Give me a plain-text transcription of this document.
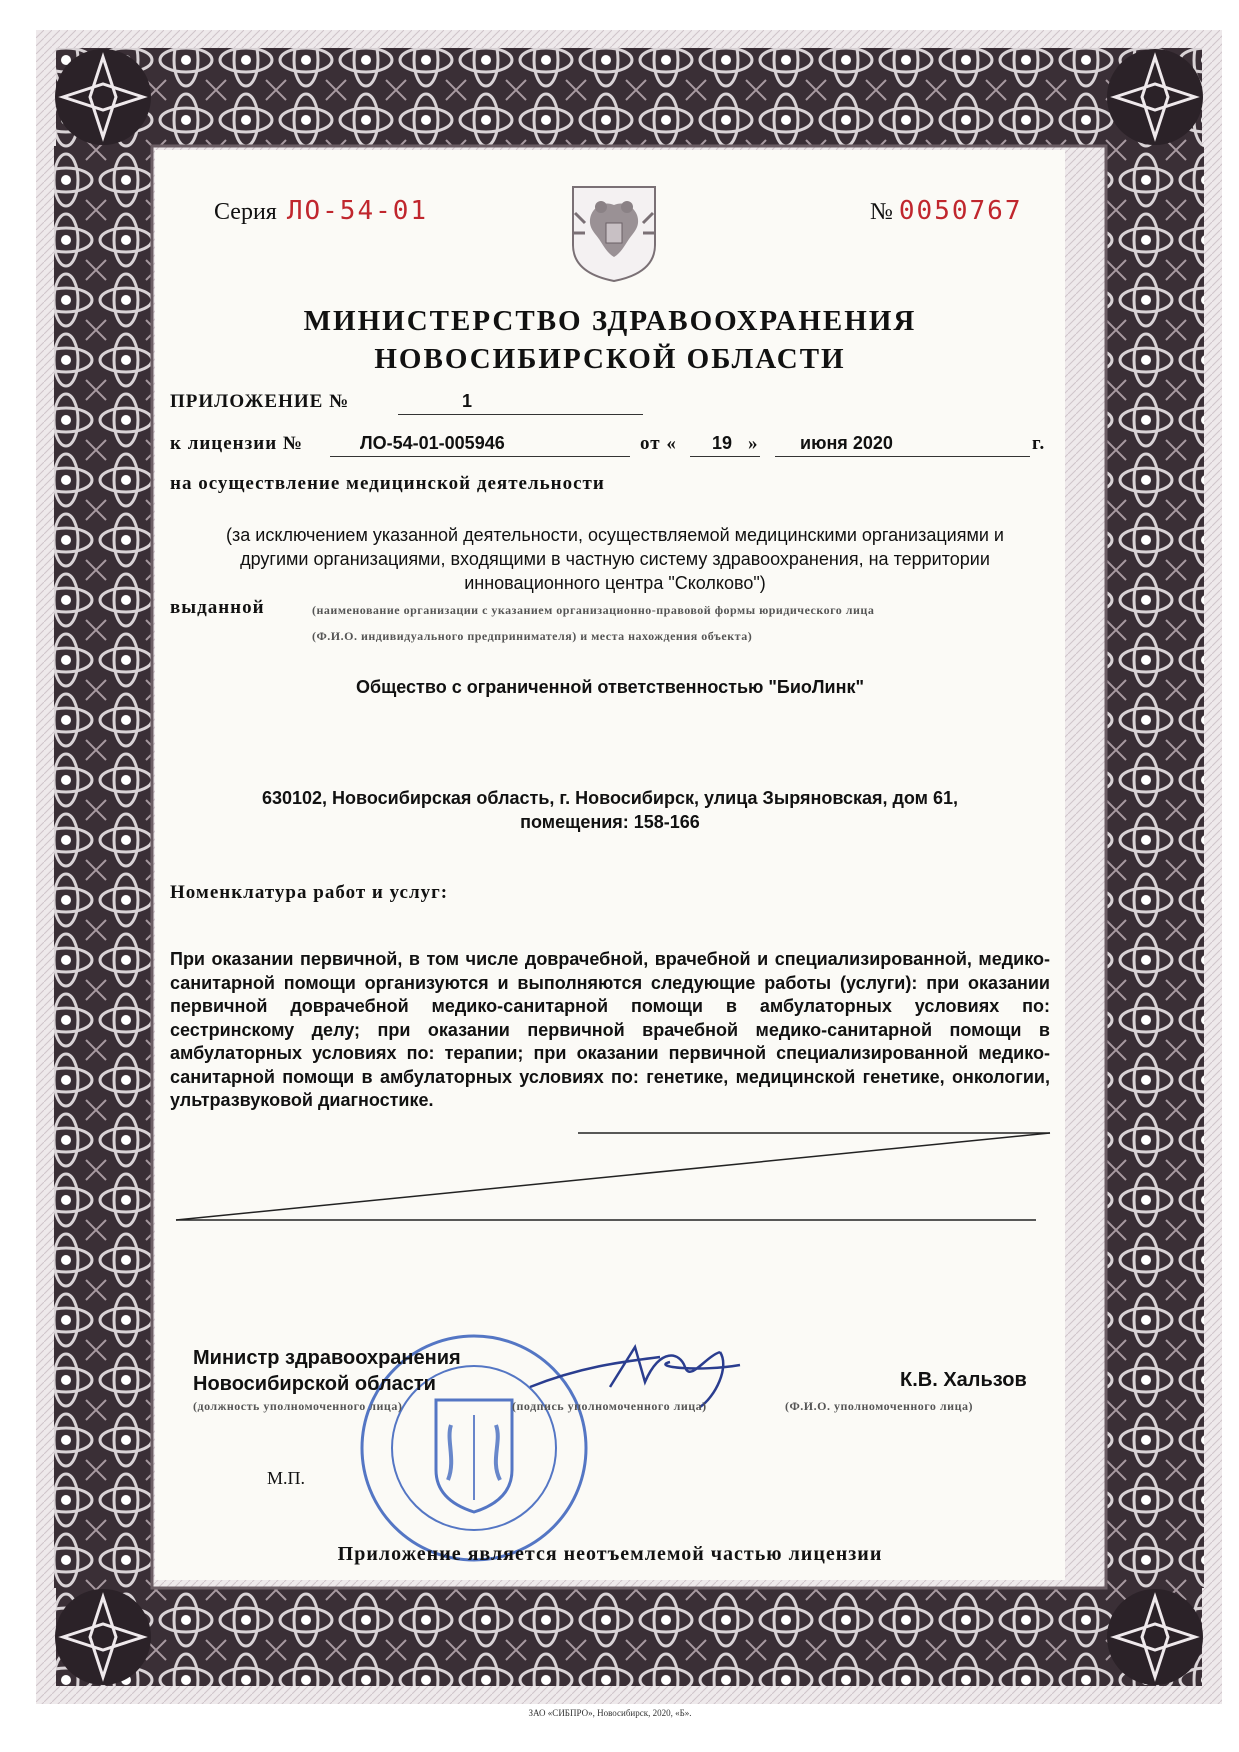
Серия ЛО-54-01	№ 0050767
МИНИСТЕРСТВО ЗДРАВООХРАНЕНИЯ
НОВОСИБИРСКОЙ ОБЛАСТИ
ПРИЛОЖЕНИЕ №	1
к лицензии №	ЛО-54-01-005946	от « 19 » июня 2020	г.
на осуществление медицинской деятельности
(за исключением указанной деятельности, осуществляемой медицинскими организациями и другими организациями, входящими в частную систему здравоохранения, на территории инновационного центра "Сколково")
выданной	(наименование организации с указанием организационно-правовой формы юридического лица
(Ф.И.О. индивидуального предпринимателя) и места нахождения объекта)
Общество с ограниченной ответственностью "БиоЛинк"
630102, Новосибирская область, г. Новосибирск, улица Зыряновская, дом 61,
помещения: 158-166
Номенклатура работ и услуг:
При оказании первичной, в том числе доврачебной, врачебной и специализированной, медико-санитарной помощи организуются и выполняются следующие работы (услуги): при оказании первичной доврачебной медико-санитарной помощи в амбулаторных условиях по: сестринскому делу; при оказании первичной врачебной медико-санитарной помощи в амбулаторных условиях по: терапии; при оказании первичной специализированной медико-санитарной помощи в амбулаторных условиях по: генетике, медицинской генетике, онкологии, ультразвуковой диагностике.
Министр здравоохранения
Новосибирской области
(должность уполномоченного лица)	(подпись уполномоченного лица)
К.В. Хальзов
(Ф.И.О. уполномоченного лица)
М.П.
Приложение является неотъемлемой частью лицензии
ЗАО «СИБПРО», Новосибирск, 2020, «Б».
